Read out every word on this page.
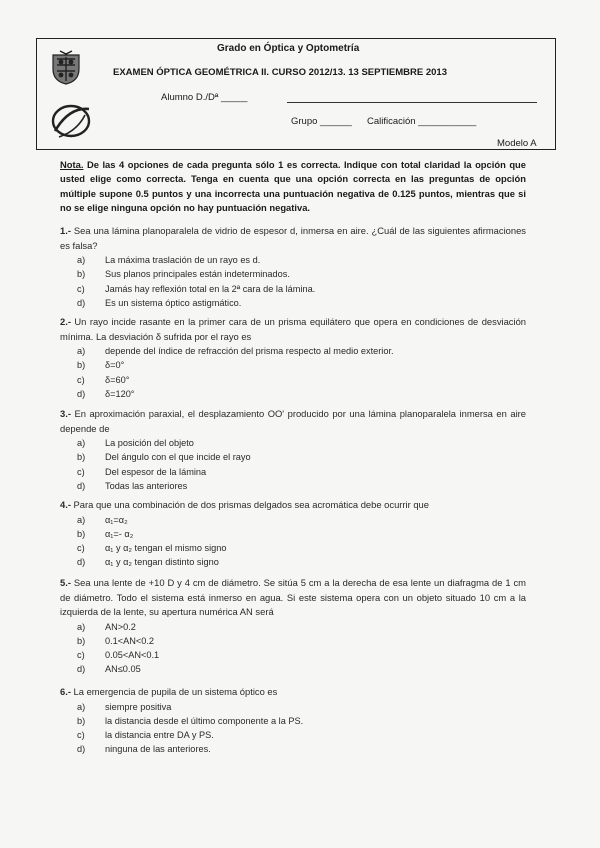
Grado en Óptica y Optometría
EXAMEN ÓPTICA GEOMÉTRICA II. CURSO 2012/13. 13 SEPTIEMBRE 2013
Alumno D./Dª _____
Grupo ______ Calificación ___________
Modelo A
Nota. De las 4 opciones de cada pregunta sólo 1 es correcta. Indique con total claridad la opción que usted elige como correcta. Tenga en cuenta que una opción correcta en las preguntas de opción múltiple supone 0.5 puntos y una incorrecta una puntuación negativa de 0.125 puntos, mientras que si no se elige ninguna opción no hay puntuación negativa.
1.- Sea una lámina planoparalela de vidrio de espesor d, inmersa en aire. ¿Cuál de las siguientes afirmaciones es falsa?
a)	La máxima traslación de un rayo es d.
b)	Sus planos principales están indeterminados.
c)	Jamás hay reflexión total en la 2ª cara de la lámina.
d)	Es un sistema óptico astigmático.
2.- Un rayo incide rasante en la primer cara de un prisma equilátero que opera en condiciones de desviación mínima. La desviación δ sufrida por el rayo es
a)	depende del índice de refracción del prisma respecto al medio exterior.
b)	δ=0°
c)	δ=60°
d)	δ=120°
3.- En aproximación paraxial, el desplazamiento OO' producido por una lámina planoparalela inmersa en aire depende de
a)	La posición del objeto
b)	Del ángulo con el que incide el rayo
c)	Del espesor de la lámina
d)	Todas las anteriores
4.- Para que una combinación de dos prismas delgados sea acromática debe ocurrir que
a)	α₁=α₂
b)	α₁=- α₂
c)	α₁ y α₂ tengan el mismo signo
d)	α₁ y α₂ tengan distinto signo
5.- Sea una lente de +10 D y 4 cm de diámetro. Se sitúa 5 cm a la derecha de esa lente un diafragma de 1 cm de diámetro. Todo el sistema está inmerso en agua. Si este sistema opera con un objeto situado 10 cm a la izquierda de la lente, su apertura numérica AN será
a)	AN>0.2
b)	0.1<AN<0.2
c)	0.05<AN<0.1
d)	AN≤0.05
6.- La emergencia de pupila de un sistema óptico es
a)	siempre positiva
b)	la distancia desde el último componente a la PS.
c)	la distancia entre DA y PS.
d)	ninguna de las anteriores.
